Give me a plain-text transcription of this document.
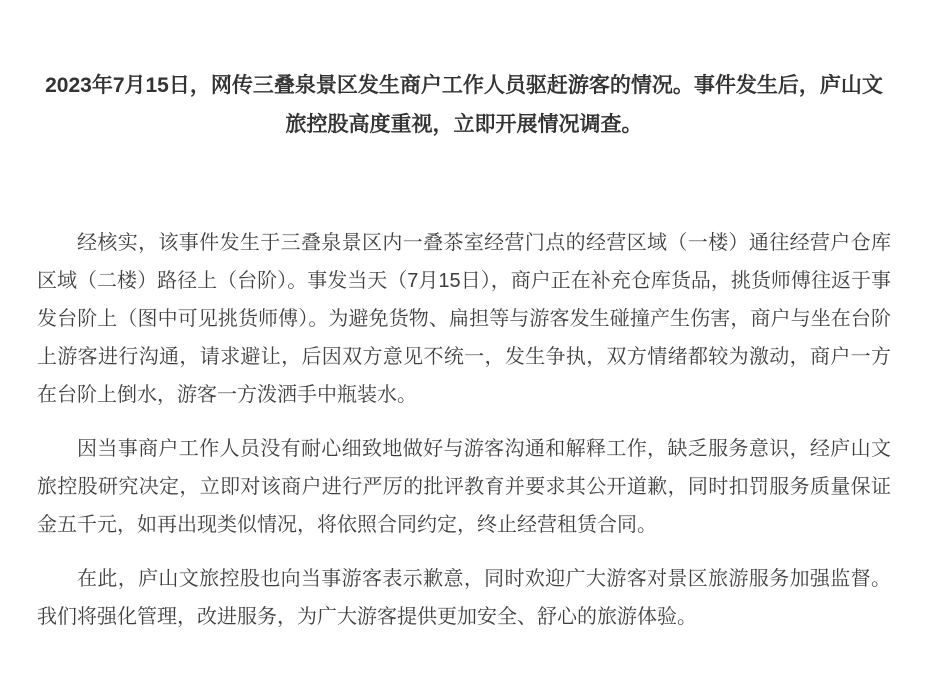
2023年7月15日，网传三叠泉景区发生商户工作人员驱赶游客的情况。事件发生后，庐山文旅控股高度重视，立即开展情况调查。

经核实，该事件发生于三叠泉景区内一叠茶室经营门点的经营区域（一楼）通往经营户仓库区域（二楼）路径上（台阶）。事发当天（7月15日），商户正在补充仓库货品，挑货师傅往返于事发台阶上（图中可见挑货师傅）。为避免货物、扁担等与游客发生碰撞产生伤害，商户与坐在台阶上游客进行沟通，请求避让，后因双方意见不统一，发生争执，双方情绪都较为激动，商户一方在台阶上倒水，游客一方泼洒手中瓶装水。

因当事商户工作人员没有耐心细致地做好与游客沟通和解释工作，缺乏服务意识，经庐山文旅控股研究决定，立即对该商户进行严厉的批评教育并要求其公开道歉，同时扣罚服务质量保证金五千元，如再出现类似情况，将依照合同约定，终止经营租赁合同。

在此，庐山文旅控股也向当事游客表示歉意，同时欢迎广大游客对景区旅游服务加强监督。我们将强化管理，改进服务，为广大游客提供更加安全、舒心的旅游体验。
